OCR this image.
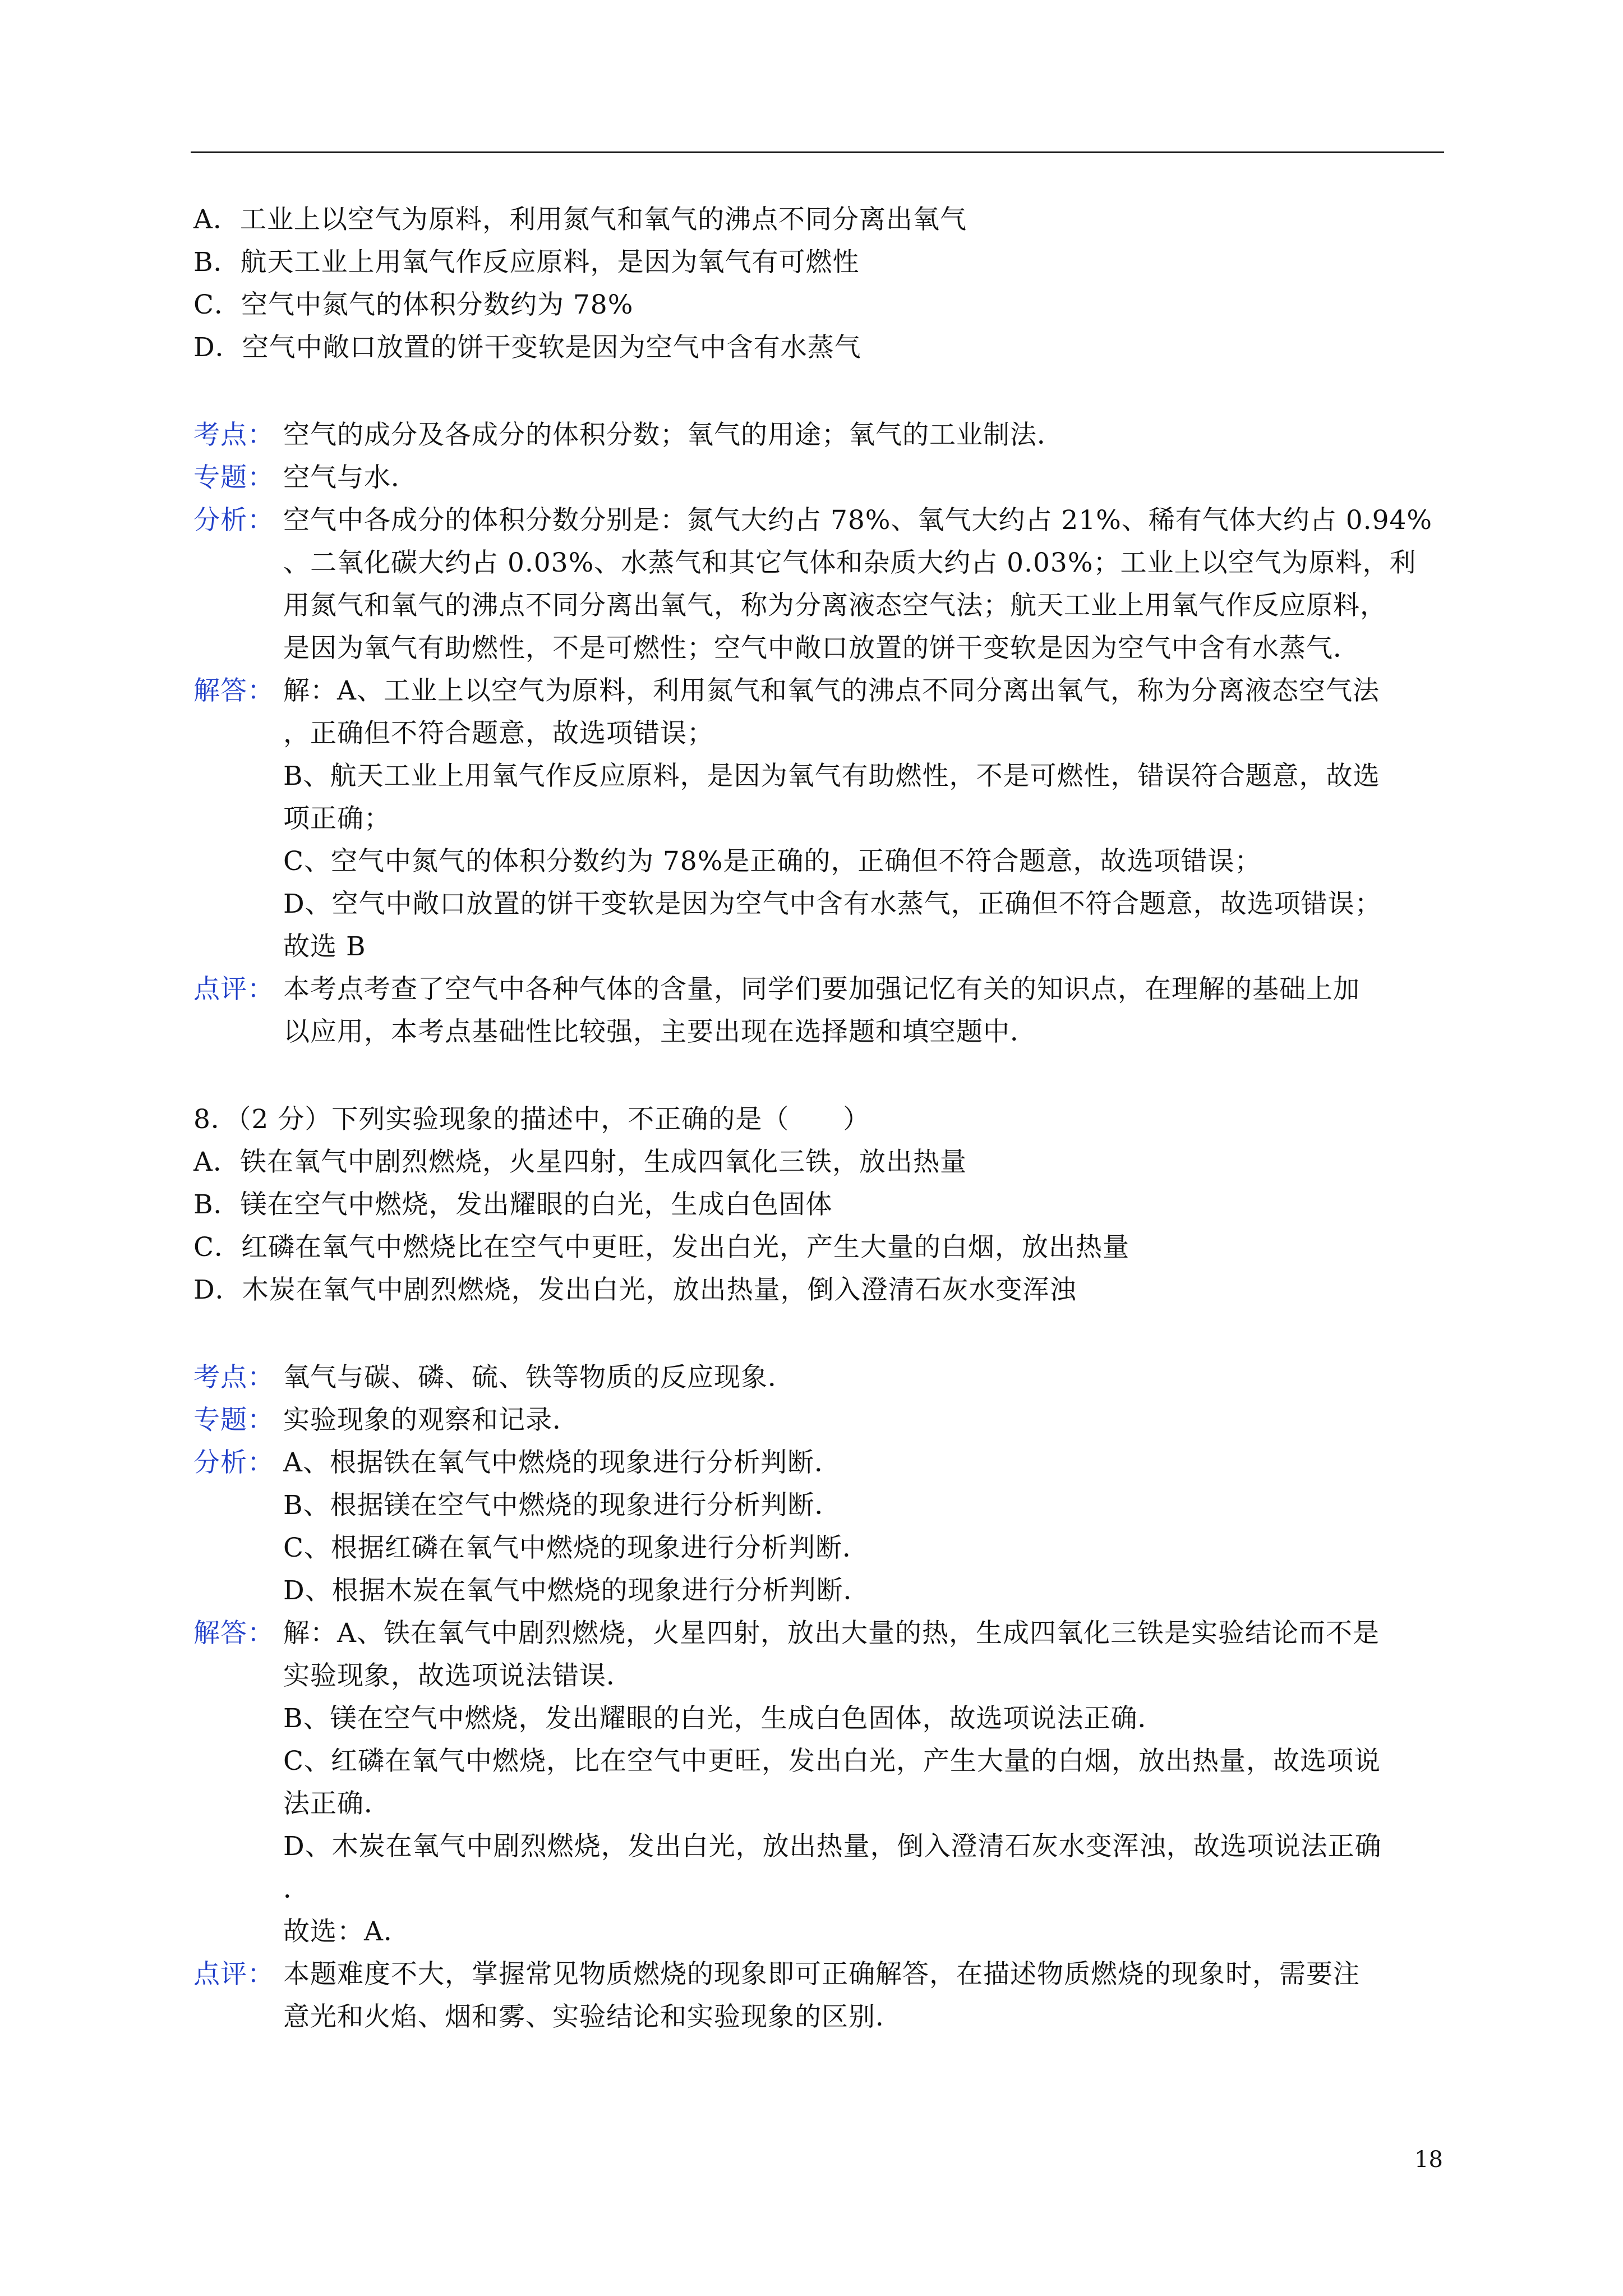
A．工业上以空气为原料，利用氮气和氧气的沸点不同分离出氧气
B．航天工业上用氧气作反应原料，是因为氧气有可燃性
C．空气中氮气的体积分数约为 78%
D．空气中敞口放置的饼干变软是因为空气中含有水蒸气
考点： 空气的成分及各成分的体积分数；氧气的用途；氧气的工业制法．
专题： 空气与水．
分析： 空气中各成分的体积分数分别是：氮气大约占 78%、氧气大约占 21%、稀有气体大约占 0.94%
、二氧化碳大约占 0.03%、水蒸气和其它气体和杂质大约占 0.03%；工业上以空气为原料，利
用氮气和氧气的沸点不同分离出氧气，称为分离液态空气法；航天工业上用氧气作反应原料，
是因为氧气有助燃性，不是可燃性；空气中敞口放置的饼干变软是因为空气中含有水蒸气．
解答： 解：A、工业上以空气为原料，利用氮气和氧气的沸点不同分离出氧气，称为分离液态空气法
，正确但不符合题意，故选项错误；
B、航天工业上用氧气作反应原料，是因为氧气有助燃性，不是可燃性，错误符合题意，故选
项正确；
C、空气中氮气的体积分数约为 78%是正确的，正确但不符合题意，故选项错误；
D、空气中敞口放置的饼干变软是因为空气中含有水蒸气，正确但不符合题意，故选项错误；
故选 B
点评： 本考点考查了空气中各种气体的含量，同学们要加强记忆有关的知识点，在理解的基础上加
以应用，本考点基础性比较强，主要出现在选择题和填空题中．
8．（2 分）下列实验现象的描述中，不正确的是（　　）
A．铁在氧气中剧烈燃烧，火星四射，生成四氧化三铁，放出热量
B．镁在空气中燃烧，发出耀眼的白光，生成白色固体
C．红磷在氧气中燃烧比在空气中更旺，发出白光，产生大量的白烟，放出热量
D．木炭在氧气中剧烈燃烧，发出白光，放出热量，倒入澄清石灰水变浑浊
考点： 氧气与碳、磷、硫、铁等物质的反应现象．
专题： 实验现象的观察和记录．
分析： A、根据铁在氧气中燃烧的现象进行分析判断．
B、根据镁在空气中燃烧的现象进行分析判断．
C、根据红磷在氧气中燃烧的现象进行分析判断．
D、根据木炭在氧气中燃烧的现象进行分析判断．
解答： 解：A、铁在氧气中剧烈燃烧，火星四射，放出大量的热，生成四氧化三铁是实验结论而不是
实验现象，故选项说法错误．
B、镁在空气中燃烧，发出耀眼的白光，生成白色固体，故选项说法正确．
C、红磷在氧气中燃烧，比在空气中更旺，发出白光，产生大量的白烟，放出热量，故选项说
法正确．
D、木炭在氧气中剧烈燃烧，发出白光，放出热量，倒入澄清石灰水变浑浊，故选项说法正确
．
故选：A．
点评： 本题难度不大，掌握常见物质燃烧的现象即可正确解答，在描述物质燃烧的现象时，需要注
意光和火焰、烟和雾、实验结论和实验现象的区别．
18
